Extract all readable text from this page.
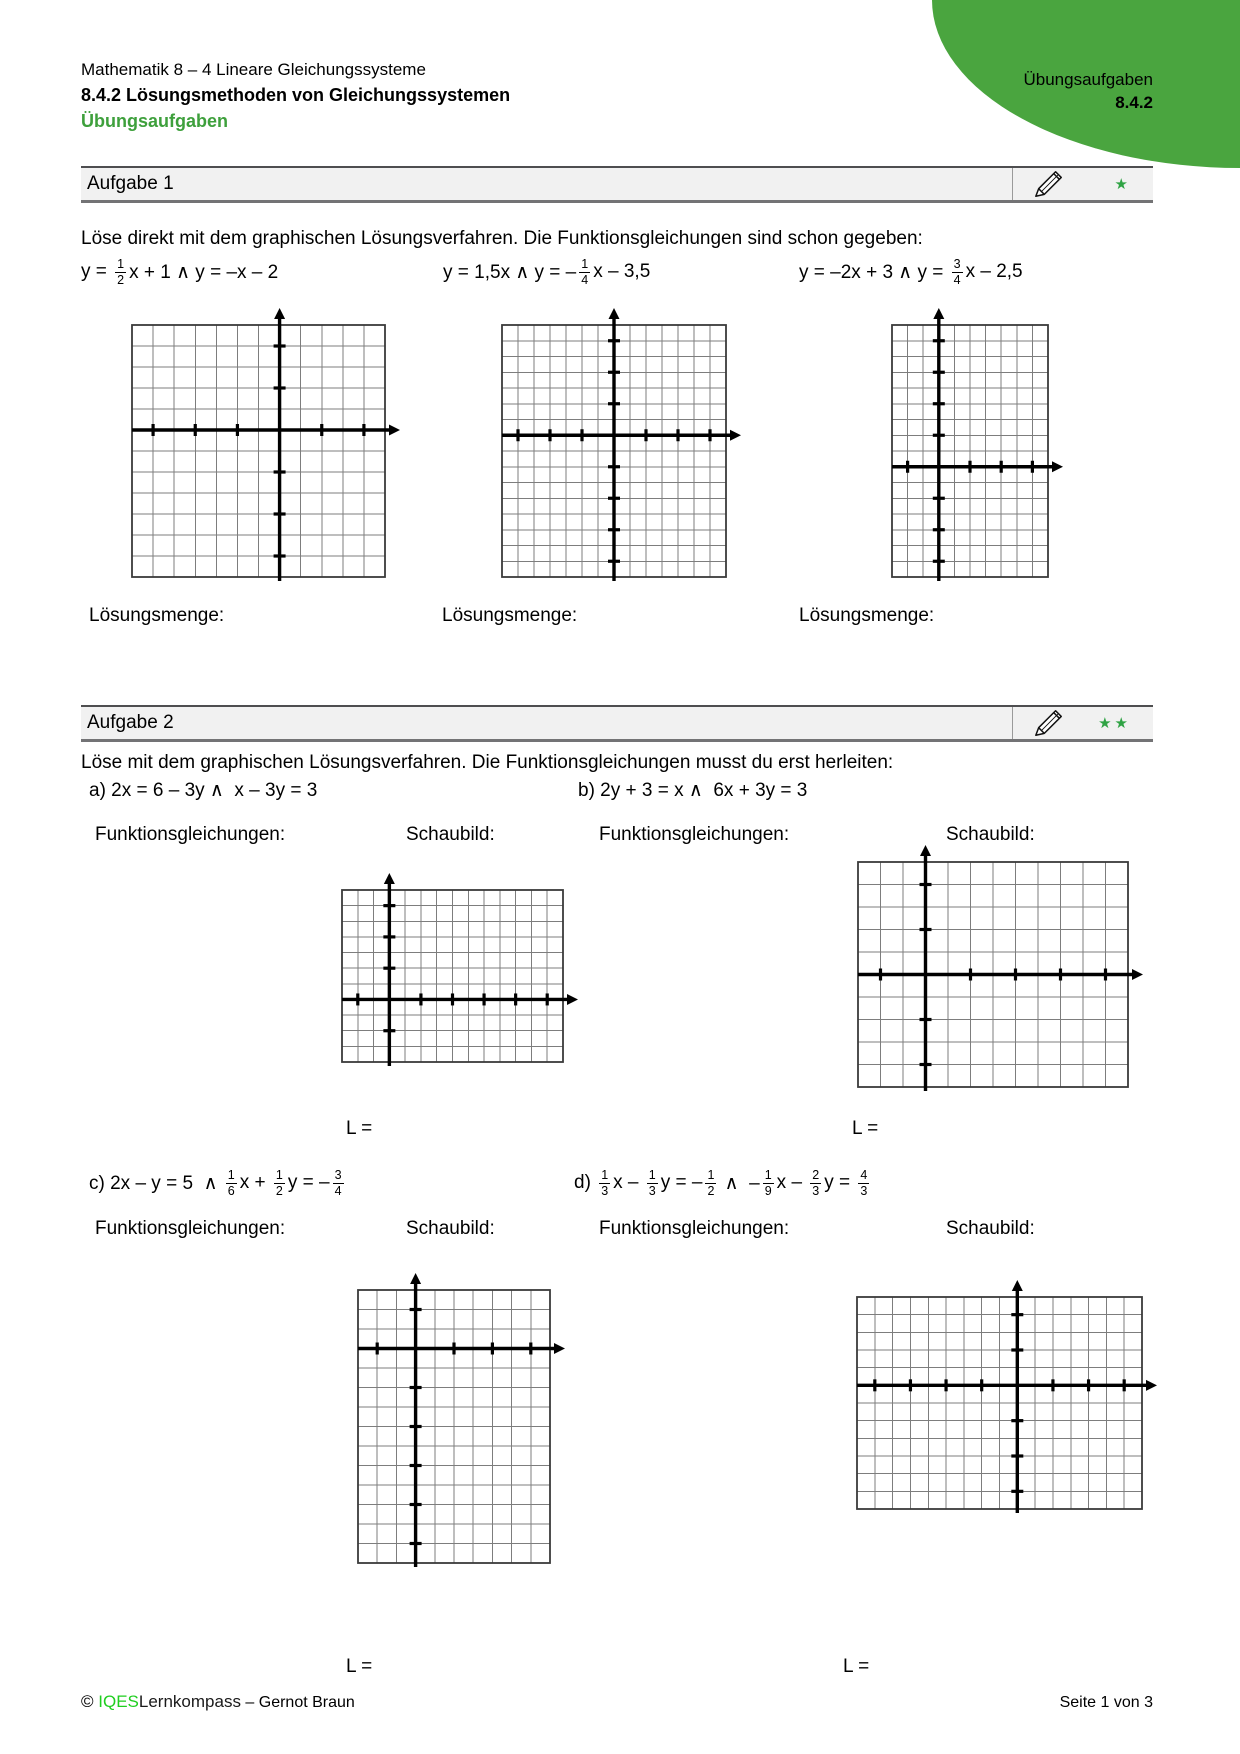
Übungsaufgaben
8.4.2
Mathematik 8 – 4 Lineare Gleichungssysteme
8.4.2 Lösungsmethoden von Gleichungssystemen
Übungsaufgaben
Aufgabe 1	★
Löse direkt mit dem graphischen Lösungsverfahren. Die Funktionsgleichungen sind schon gegeben:
$y = \frac{1}{2}$ x + 1 ∧ y = –x – 2	y = 1,5x ∧ y = – $\frac{1}{4}$ x – 3,5	y = –2x + 3 ∧ $y = \frac{3}{4}$ x – 2,5
Lösungsmenge:	Lösungsmenge:	Lösungsmenge:
Aufgabe 2	★★
Löse mit dem graphischen Lösungsverfahren. Die Funktionsgleichungen musst du erst herleiten:
a) 2x = 6 – 3y ∧  x – 3y = 3	b) 2y + 3 = x ∧  6x + 3y = 3
Funktionsgleichungen:	Schaubild:	Funktionsgleichungen:	Schaubild:
L =	L =
c) 2x – y = 5  ∧ $\frac{1}{6}$ $x + \frac{1}{2}$ y = – $\frac{3}{4}$	$d) \frac{1}{3}$ x – $\frac{1}{3}$ y = – $\frac{1}{2}$ ∧  – $\frac{1}{9}$ x – $\frac{2}{3}$ $y = \frac{4}{3}$
Funktionsgleichungen:	Schaubild:	Funktionsgleichungen:	Schaubild:
L =	L =
© IQESLernkompass – Gernot Braun	Seite 1 von 3
